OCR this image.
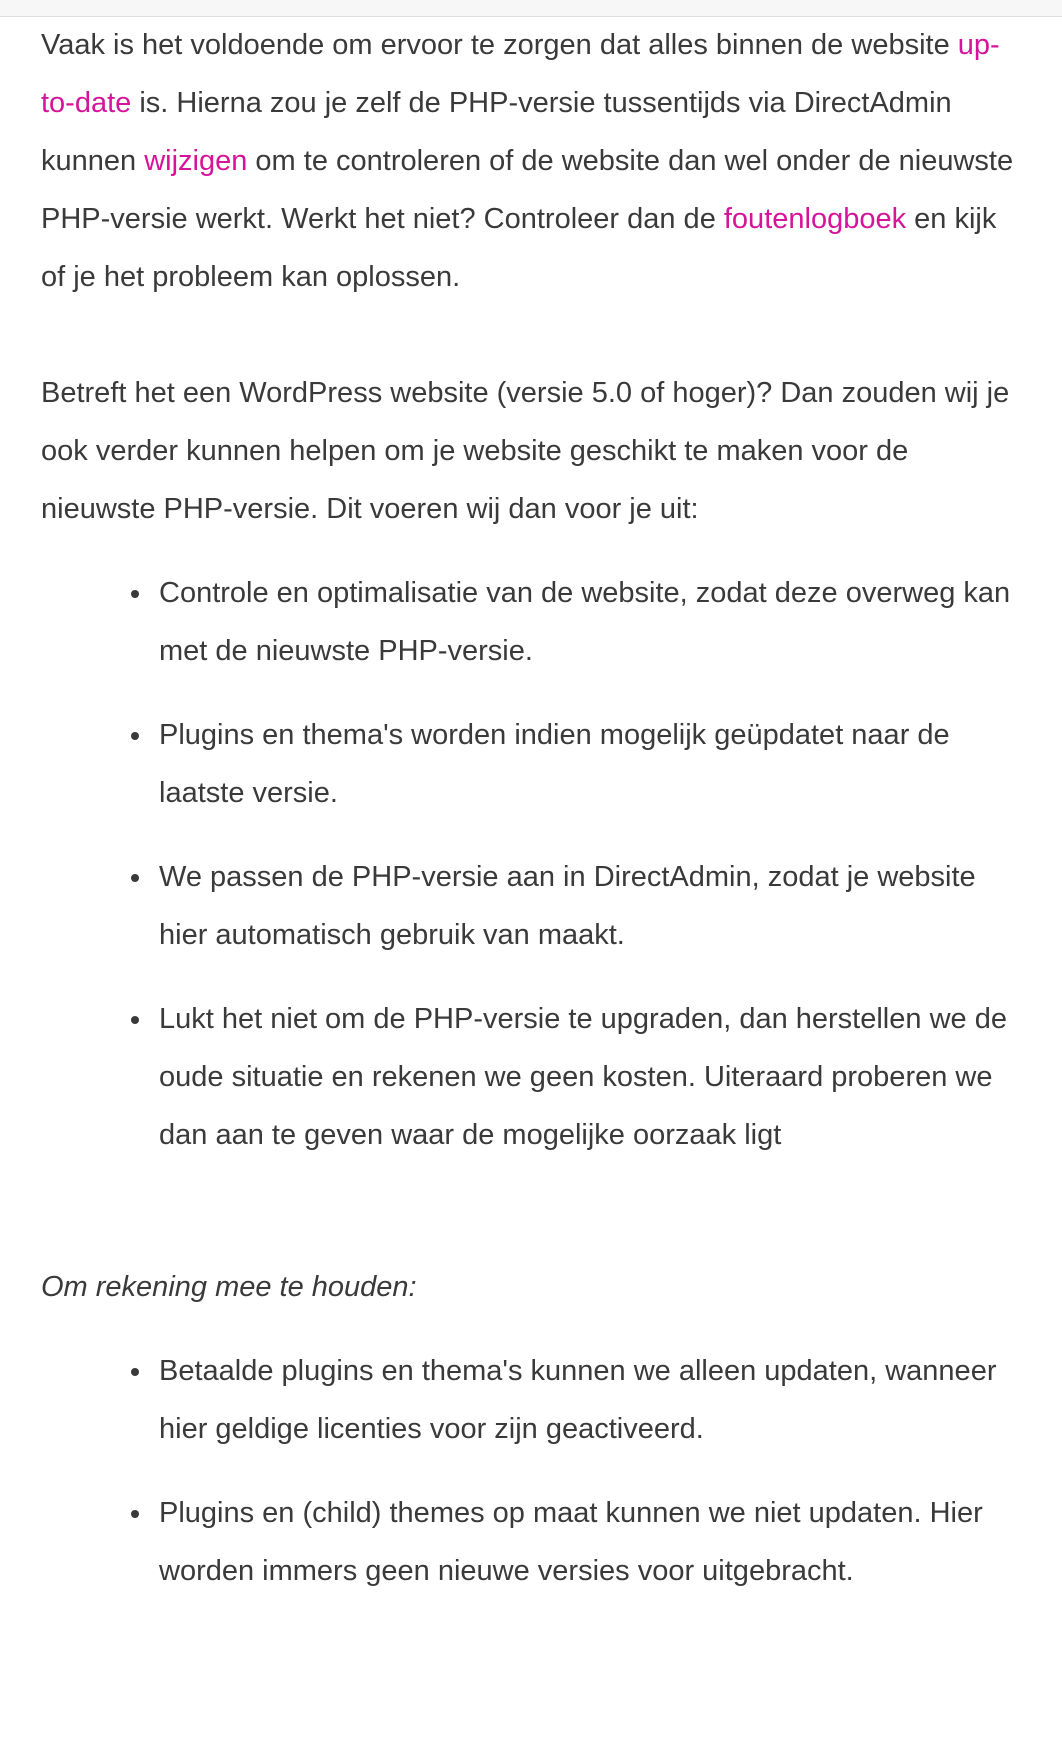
Vaak is het voldoende om ervoor te zorgen dat alles binnen de website up-to-date is. Hierna zou je zelf de PHP-versie tussentijds via DirectAdmin kunnen wijzigen om te controleren of de website dan wel onder de nieuwste PHP-versie werkt. Werkt het niet? Controleer dan de foutenlogboek en kijk of je het probleem kan oplossen.

Betreft het een WordPress website (versie 5.0 of hoger)? Dan zouden wij je ook verder kunnen helpen om je website geschikt te maken voor de nieuwste PHP-versie. Dit voeren wij dan voor je uit:

Controle en optimalisatie van de website, zodat deze overweg kan met de nieuwste PHP-versie.
Plugins en thema's worden indien mogelijk geüpdatet naar de laatste versie.
We passen de PHP-versie aan in DirectAdmin, zodat je website hier automatisch gebruik van maakt.
Lukt het niet om de PHP-versie te upgraden, dan herstellen we de oude situatie en rekenen we geen kosten. Uiteraard proberen we dan aan te geven waar de mogelijke oorzaak ligt

Om rekening mee te houden:

Betaalde plugins en thema's kunnen we alleen updaten, wanneer hier geldige licenties voor zijn geactiveerd.
Plugins en (child) themes op maat kunnen we niet updaten. Hier worden immers geen nieuwe versies voor uitgebracht.
